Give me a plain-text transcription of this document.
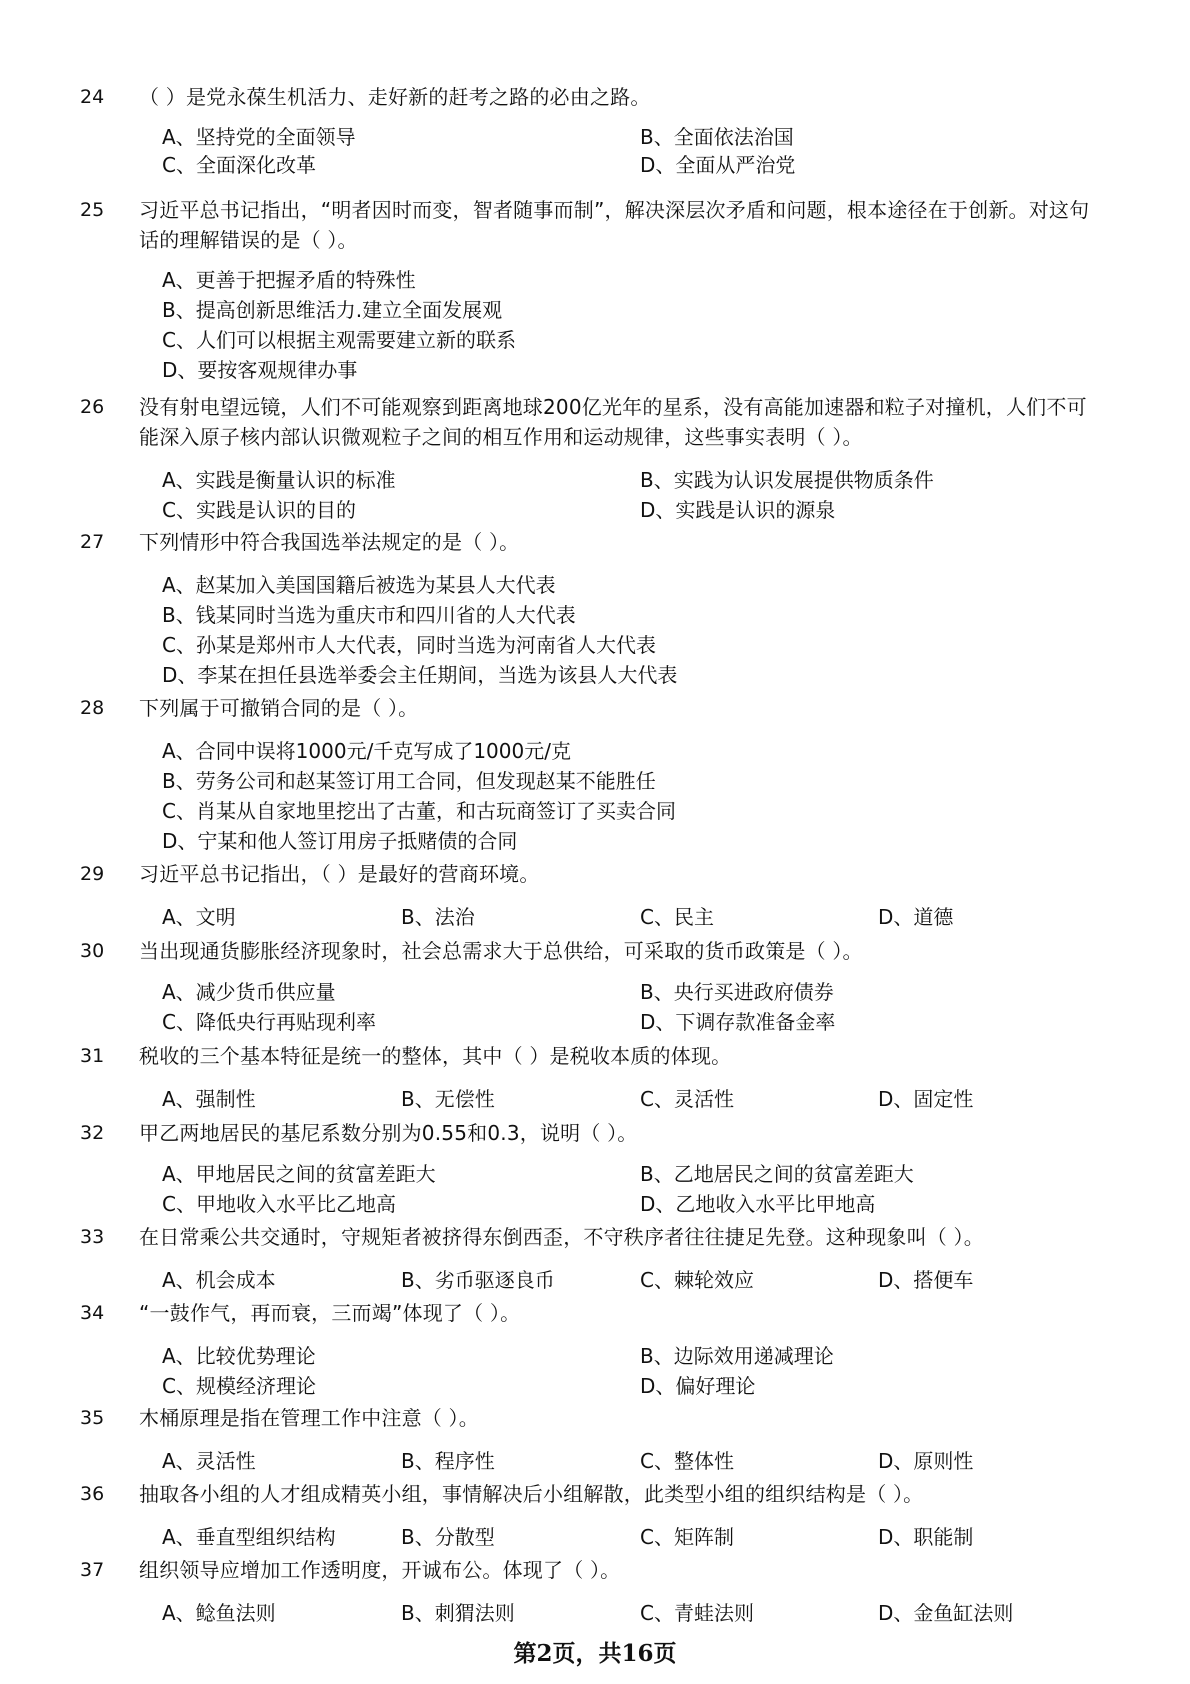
24 （ ）是党永葆生机活力、走好新的赶考之路的必由之路。
A、坚持党的全面领导	B、全面依法治国
C、全面深化改革	D、全面从严治党
25 习近平总书记指出，“明者因时而变，智者随事而制”，解决深层次矛盾和问题，根本途径在于创新。对这句话的理解错误的是（ ）。
A、更善于把握矛盾的特殊性
B、提高创新思维活力.建立全面发展观
C、人们可以根据主观需要建立新的联系
D、要按客观规律办事
26 没有射电望远镜，人们不可能观察到距离地球200亿光年的星系，没有高能加速器和粒子对撞机，人们不可能深入原子核内部认识微观粒子之间的相互作用和运动规律，这些事实表明（ ）。
A、实践是衡量认识的标准	B、实践为认识发展提供物质条件
C、实践是认识的目的	D、实践是认识的源泉
27 下列情形中符合我国选举法规定的是（ ）。
A、赵某加入美国国籍后被选为某县人大代表
B、钱某同时当选为重庆市和四川省的人大代表
C、孙某是郑州市人大代表，同时当选为河南省人大代表
D、李某在担任县选举委会主任期间，当选为该县人大代表
28 下列属于可撤销合同的是（ ）。
A、合同中误将1000元/千克写成了1000元/克
B、劳务公司和赵某签订用工合同，但发现赵某不能胜任
C、肖某从自家地里挖出了古董，和古玩商签订了买卖合同
D、宁某和他人签订用房子抵赌债的合同
29 习近平总书记指出，（ ）是最好的营商环境。
A、文明	B、法治	C、民主	D、道德
30 当出现通货膨胀经济现象时，社会总需求大于总供给，可采取的货币政策是（ ）。
A、减少货币供应量	B、央行买进政府债券
C、降低央行再贴现利率	D、下调存款准备金率
31 税收的三个基本特征是统一的整体，其中（ ）是税收本质的体现。
A、强制性	B、无偿性	C、灵活性	D、固定性
32 甲乙两地居民的基尼系数分别为0.55和0.3，说明（ ）。
A、甲地居民之间的贫富差距大	B、乙地居民之间的贫富差距大
C、甲地收入水平比乙地高	D、乙地收入水平比甲地高
33 在日常乘公共交通时，守规矩者被挤得东倒西歪，不守秩序者往往捷足先登。这种现象叫（ ）。
A、机会成本	B、劣币驱逐良币	C、棘轮效应	D、搭便车
34 “一鼓作气，再而衰，三而竭”体现了（ ）。
A、比较优势理论	B、边际效用递减理论
C、规模经济理论	D、偏好理论
35 木桶原理是指在管理工作中注意（ ）。
A、灵活性	B、程序性	C、整体性	D、原则性
36 抽取各小组的人才组成精英小组，事情解决后小组解散，此类型小组的组织结构是（ ）。
A、垂直型组织结构	B、分散型	C、矩阵制	D、职能制
37 组织领导应增加工作透明度，开诚布公。体现了（ ）。
A、鲶鱼法则	B、刺猬法则	C、青蛙法则	D、金鱼缸法则
第2页，共16页
